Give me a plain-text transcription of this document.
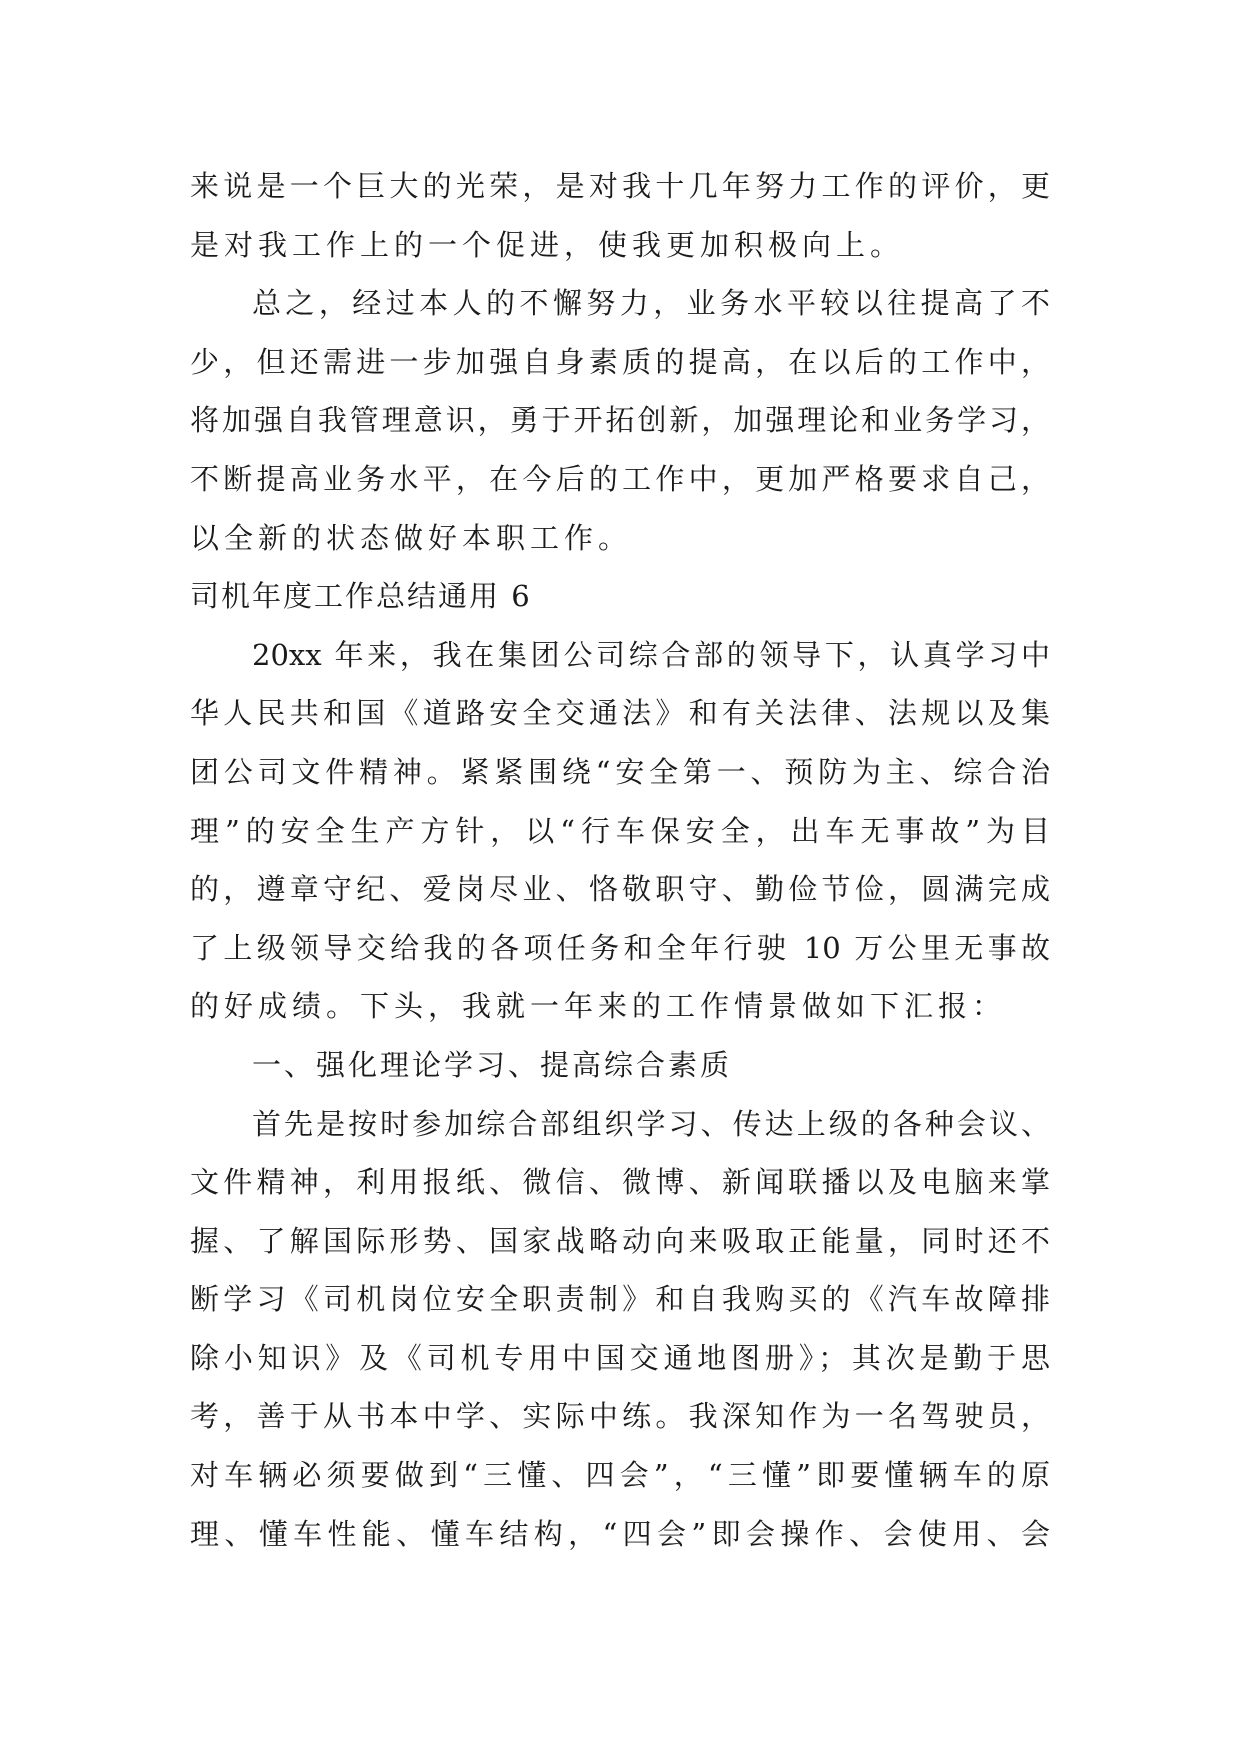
来说是一个巨大的光荣，是对我十几年努力工作的评价，更
是对我工作上的一个促进，使我更加积极向上。
总之，经过本人的不懈努力，业务水平较以往提高了不
少，但还需进一步加强自身素质的提高，在以后的工作中，
将加强自我管理意识，勇于开拓创新，加强理论和业务学习，
不断提高业务水平，在今后的工作中，更加严格要求自己，
以全新的状态做好本职工作。
司机年度工作总结通用 6
20xx 年来，我在集团公司综合部的领导下，认真学习中
华人民共和国《道路安全交通法》和有关法律、法规以及集
团公司文件精神。紧紧围绕“安全第一、预防为主、综合治
理”的安全生产方针，以“行车保安全，出车无事故”为目
的，遵章守纪、爱岗尽业、恪敬职守、勤俭节俭，圆满完成
了上级领导交给我的各项任务和全年行驶 10 万公里无事故
的好成绩。下头，我就一年来的工作情景做如下汇报：
一、强化理论学习、提高综合素质
首先是按时参加综合部组织学习、传达上级的各种会议、
文件精神，利用报纸、微信、微博、新闻联播以及电脑来掌
握、了解国际形势、国家战略动向来吸取正能量，同时还不
断学习《司机岗位安全职责制》和自我购买的《汽车故障排
除小知识》及《司机专用中国交通地图册》；其次是勤于思
考，善于从书本中学、实际中练。我深知作为一名驾驶员，
对车辆必须要做到“三懂、四会”，“三懂”即要懂辆车的原
理、懂车性能、懂车结构，“四会”即会操作、会使用、会
